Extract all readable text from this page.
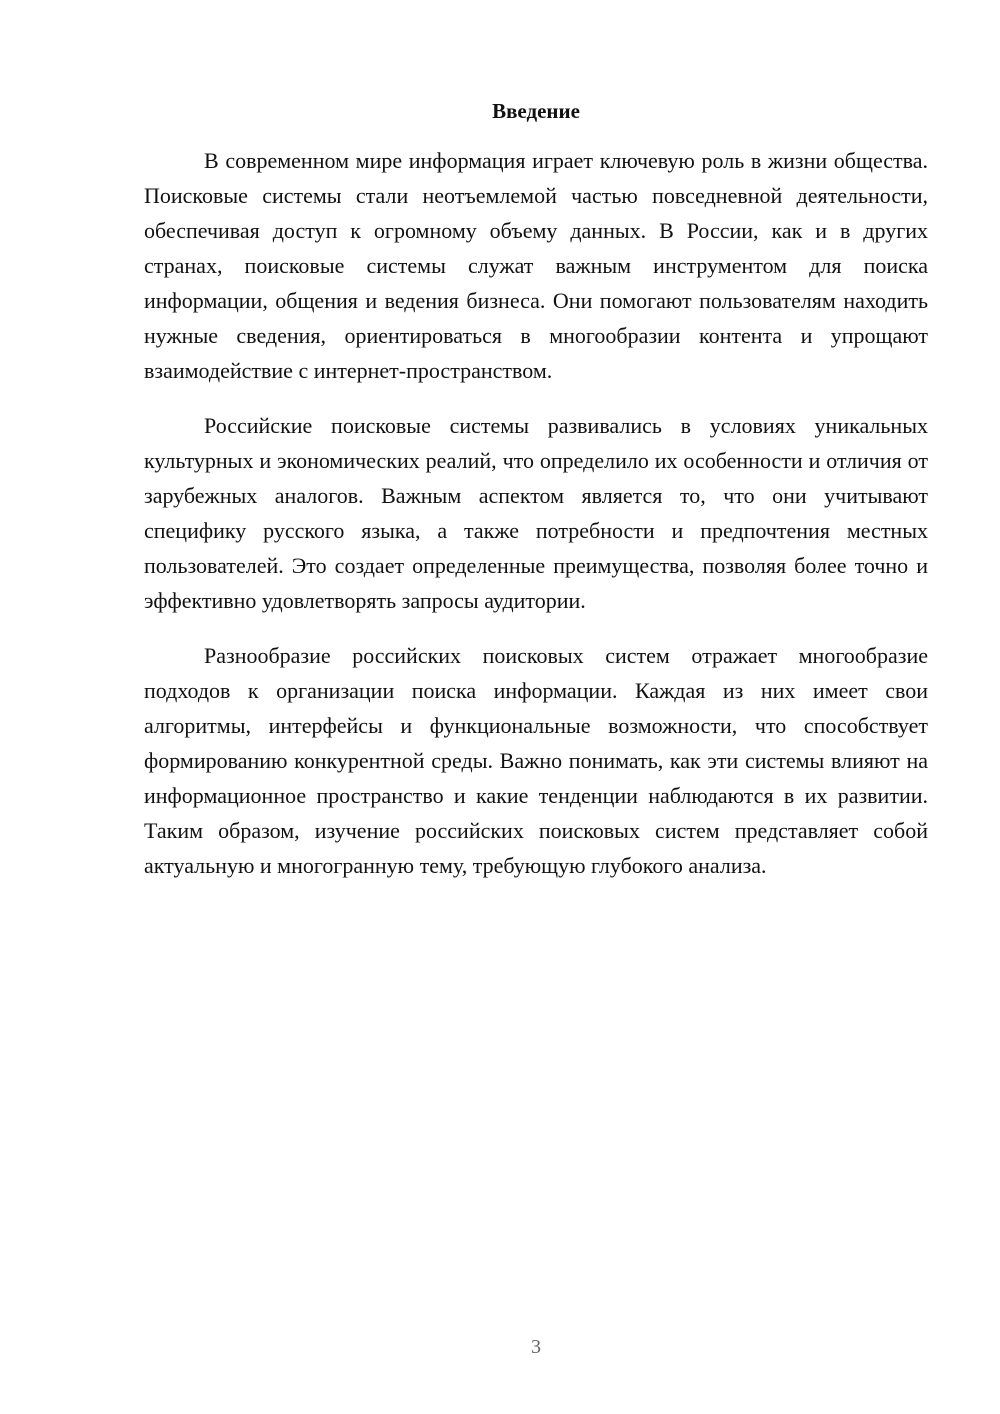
Введение

В современном мире информация играет ключевую роль в жизни общества. Поисковые системы стали неотъемлемой частью повседневной деятельности, обеспечивая доступ к огромному объему данных. В России, как и в других странах, поисковые системы служат важным инструментом для поиска информации, общения и ведения бизнеса. Они помогают пользователям находить нужные сведения, ориентироваться в многообразии контента и упрощают взаимодействие с интернет-пространством.

Российские поисковые системы развивались в условиях уникальных культурных и экономических реалий, что определило их особенности и отличия от зарубежных аналогов. Важным аспектом является то, что они учитывают специфику русского языка, а также потребности и предпочтения местных пользователей. Это создает определенные преимущества, позволяя более точно и эффективно удовлетворять запросы аудитории.

Разнообразие российских поисковых систем отражает многообразие подходов к организации поиска информации. Каждая из них имеет свои алгоритмы, интерфейсы и функциональные возможности, что способствует формированию конкурентной среды. Важно понимать, как эти системы влияют на информационное пространство и какие тенденции наблюдаются в их развитии. Таким образом, изучение российских поисковых систем представляет собой актуальную и многогранную тему, требующую глубокого анализа.

3
